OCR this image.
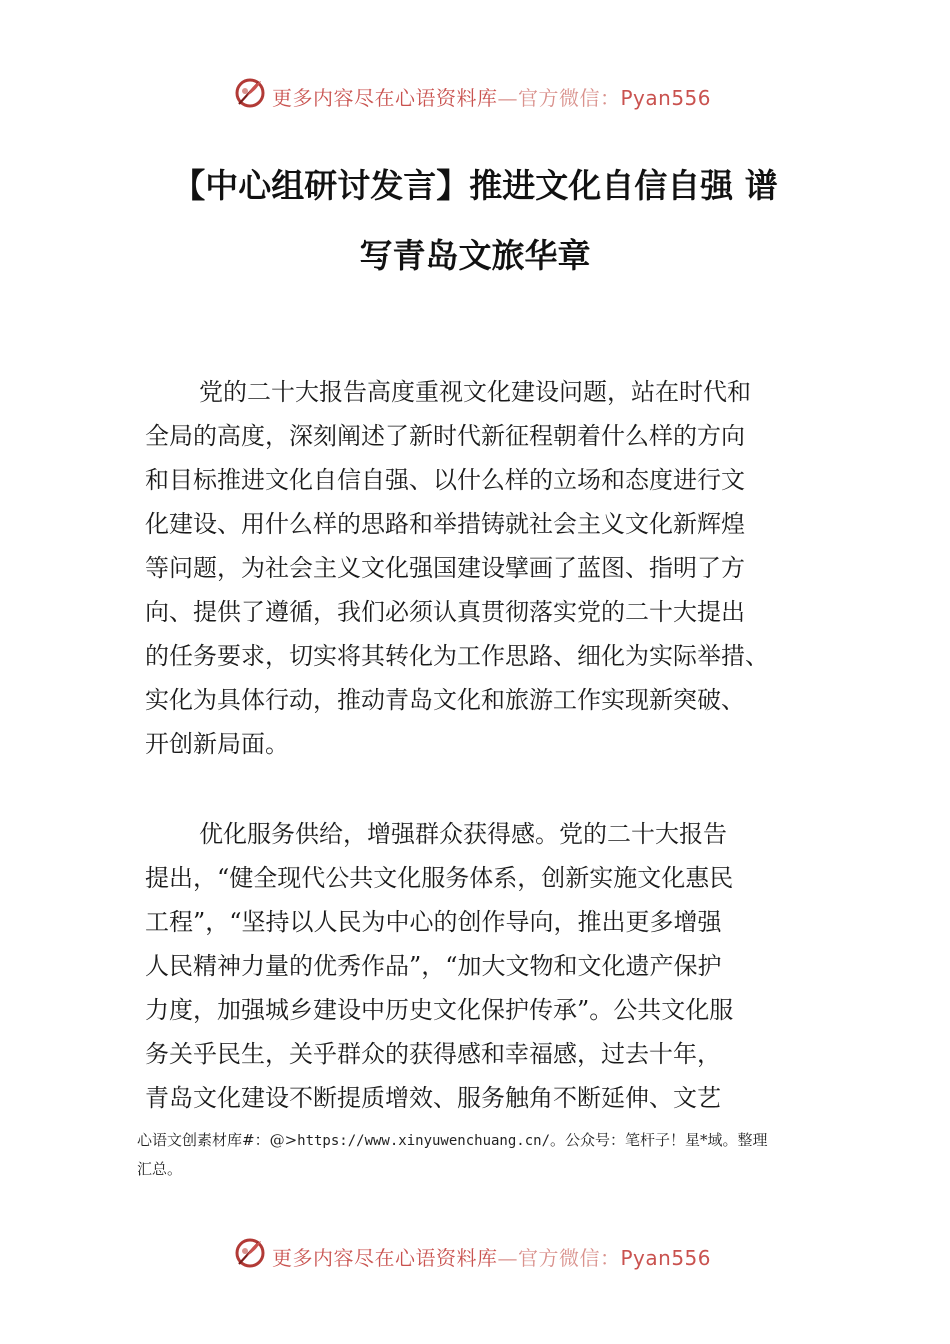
更多内容尽在心语资料库—官方微信：Pyan556
【中心组研讨发言】推进文化自信自强 谱
写青岛文旅华章
党的二十大报告高度重视文化建设问题，站在时代和
全局的高度，深刻阐述了新时代新征程朝着什么样的方向
和目标推进文化自信自强、以什么样的立场和态度进行文
化建设、用什么样的思路和举措铸就社会主义文化新辉煌
等问题，为社会主义文化强国建设擘画了蓝图、指明了方
向、提供了遵循，我们必须认真贯彻落实党的二十大提出
的任务要求，切实将其转化为工作思路、细化为实际举措、
实化为具体行动，推动青岛文化和旅游工作实现新突破、
开创新局面。
优化服务供给，增强群众获得感。党的二十大报告
提出，“健全现代公共文化服务体系，创新实施文化惠民
工程”，“坚持以人民为中心的创作导向，推出更多增强
人民精神力量的优秀作品”，“加大文物和文化遗产保护
力度，加强城乡建设中历史文化保护传承”。公共文化服
务关乎民生，关乎群众的获得感和幸福感，过去十年，
青岛文化建设不断提质增效、服务触角不断延伸、文艺
心语文创素材库#：@>https://www.xinyuwenchuang.cn/。公众号：笔杆子！星*域。整理
汇总。
更多内容尽在心语资料库—官方微信：Pyan556
